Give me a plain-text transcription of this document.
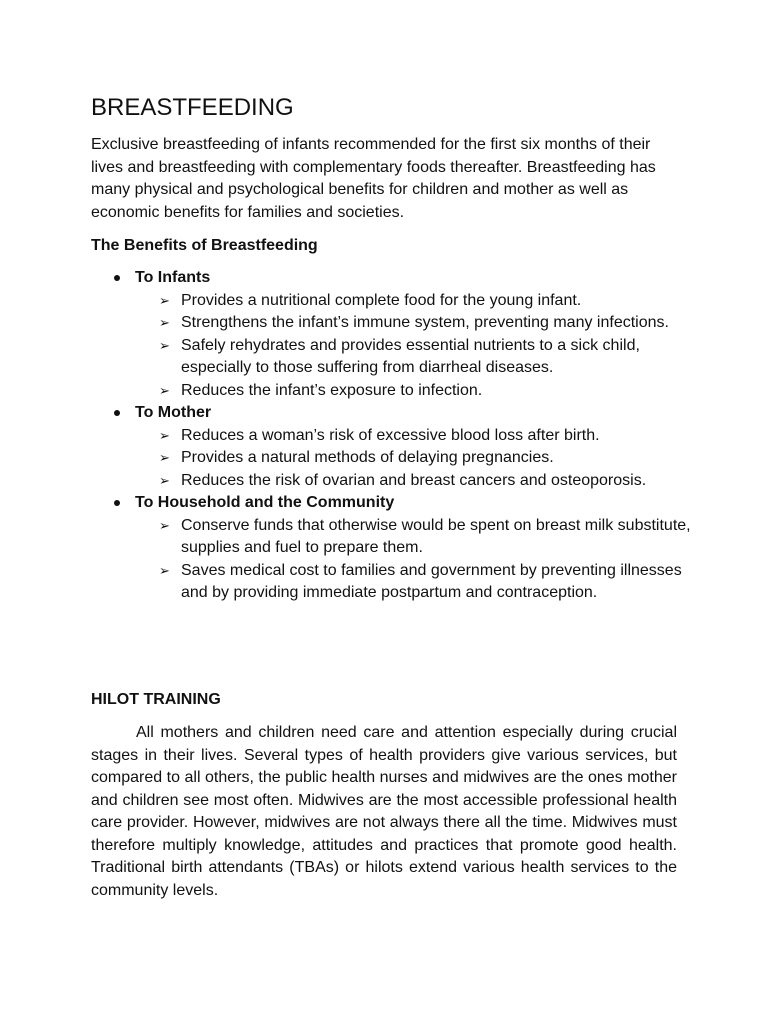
BREASTFEEDING

Exclusive breastfeeding of infants recommended for the first six months of their lives and breastfeeding with complementary foods thereafter. Breastfeeding has many physical and psychological benefits for children and mother as well as economic benefits for families and societies.

The Benefits of Breastfeeding
To Infants
➢ Provides a nutritional complete food for the young infant.
➢ Strengthens the infant’s immune system, preventing many infections.
➢ Safely rehydrates and provides essential nutrients to a sick child, especially to those suffering from diarrheal diseases.
➢ Reduces the infant’s exposure to infection.
To Mother
➢ Reduces a woman’s risk of excessive blood loss after birth.
➢ Provides a natural methods of delaying pregnancies.
➢ Reduces the risk of ovarian and breast cancers and osteoporosis.
To Household and the Community
➢ Conserve funds that otherwise would be spent on breast milk substitute, supplies and fuel to prepare them.
➢ Saves medical cost to families and government by preventing illnesses and by providing immediate postpartum and contraception.
HILOT TRAINING

All mothers and children need care and attention especially during crucial stages in their lives. Several types of health providers give various services, but compared to all others, the public health nurses and midwives are the ones mother and children see most often. Midwives are the most accessible professional health care provider. However, midwives are not always there all the time. Midwives must therefore multiply knowledge, attitudes and practices that promote good health. Traditional birth attendants (TBAs) or hilots extend various health services to the community levels.
